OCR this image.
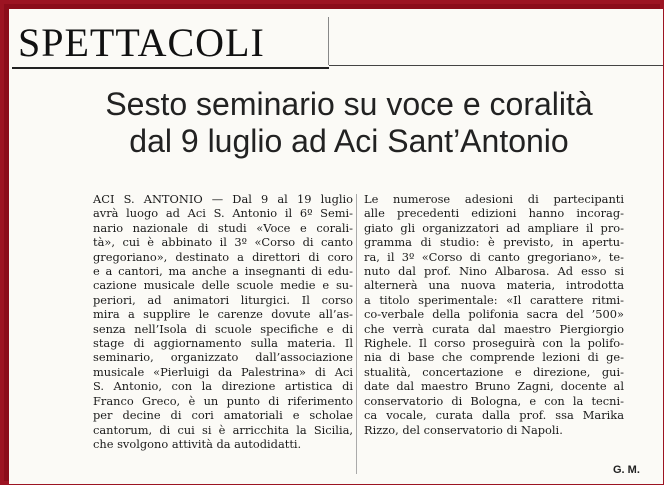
SPETTACOLI
Sesto seminario su voce e coralità
dal 9 luglio ad Aci Sant’Antonio
ACI S. ANTONIO — Dal 9 al 19 luglio
avrà luogo ad Aci S. Antonio il 6º Semi-
nario nazionale di studi «Voce e corali-
tà», cui è abbinato il 3º «Corso di canto
gregoriano», destinato a direttori di coro
e a cantori, ma anche a insegnanti di edu-
cazione musicale delle scuole medie e su-
periori, ad animatori liturgici. Il corso
mira a supplire le carenze dovute all’as-
senza nell’Isola di scuole specifiche e di
stage di aggiornamento sulla materia. Il
seminario, organizzato dall’associazione
musicale «Pierluigi da Palestrina» di Aci
S. Antonio, con la direzione artistica di
Franco Greco, è un punto di riferimento
per decine di cori amatoriali e scholae
cantorum, di cui si è arricchita la Sicilia,
che svolgono attività da autodidatti.
Le numerose adesioni di partecipanti
alle precedenti edizioni hanno incorag-
giato gli organizzatori ad ampliare il pro-
gramma di studio: è previsto, in apertu-
ra, il 3º «Corso di canto gregoriano», te-
nuto dal prof. Nino Albarosa. Ad esso si
alternerà una nuova materia, introdotta
a titolo sperimentale: «Il carattere ritmi-
co-verbale della polifonia sacra del ’500»
che verrà curata dal maestro Piergiorgio
Righele. Il corso proseguirà con la polifo-
nia di base che comprende lezioni di ge-
stualità, concertazione e direzione, gui-
date dal maestro Bruno Zagni, docente al
conservatorio di Bologna, e con la tecni-
ca vocale, curata dalla prof. ssa Marika
Rizzo, del conservatorio di Napoli.
G. M.
